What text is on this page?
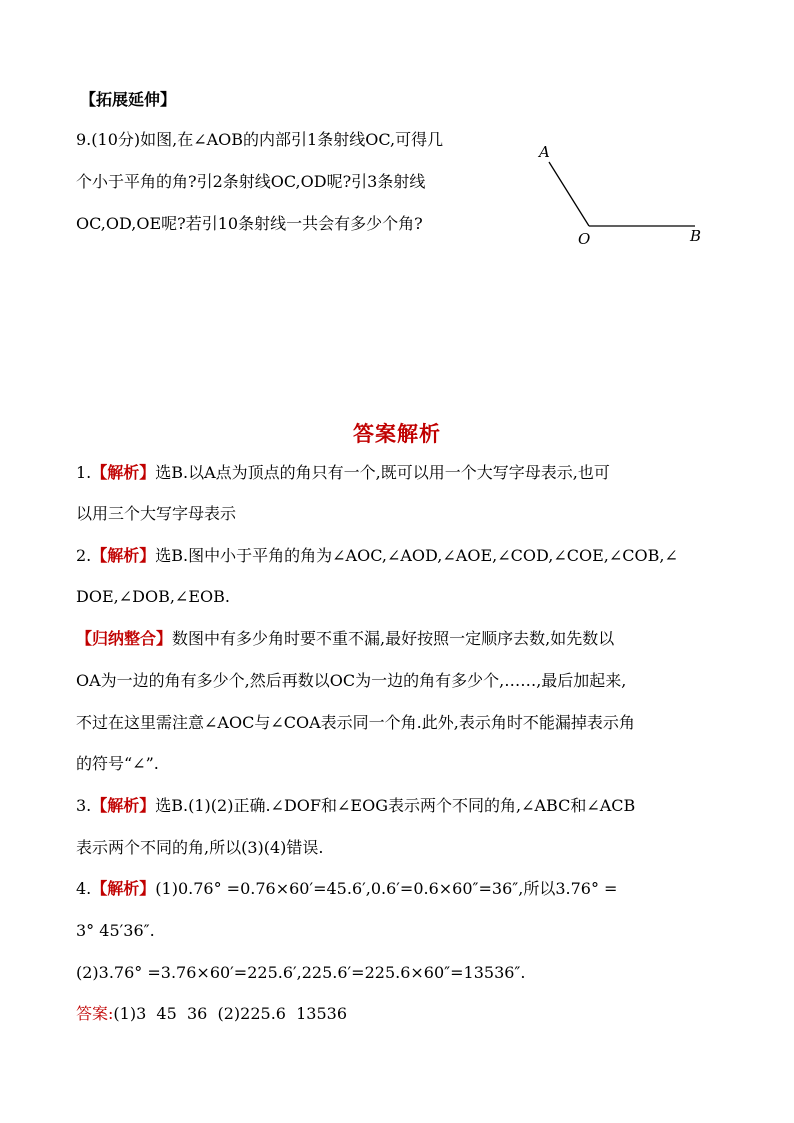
【拓展延伸】
9.(10分)如图,在∠AOB的内部引1条射线OC,可得几
个小于平角的角?引2条射线OC,OD呢?引3条射线
OC,OD,OE呢?若引10条射线一共会有多少个角?
A
O	B
答案解析
1.【解析】选B.以A点为顶点的角只有一个,既可以用一个大写字母表示,也可
以用三个大写字母表示
2.【解析】选B.图中小于平角的角为∠AOC,∠AOD,∠AOE,∠COD,∠COE,∠COB,∠
DOE,∠DOB,∠EOB.
【归纳整合】数图中有多少角时要不重不漏,最好按照一定顺序去数,如先数以
OA为一边的角有多少个,然后再数以OC为一边的角有多少个,……,最后加起来,
不过在这里需注意∠AOC与∠COA表示同一个角.此外,表示角时不能漏掉表示角
的符号“∠”.
3.【解析】选B.(1)(2)正确.∠DOF和∠EOG表示两个不同的角,∠ABC和∠ACB
表示两个不同的角,所以(3)(4)错误.
4.【解析】(1)0.76° =0.76×60′=45.6′,0.6′=0.6×60″=36″,所以3.76° =
3° 45′36″.
(2)3.76° =3.76×60′=225.6′,225.6′=225.6×60″=13536″.
答案:(1)3  45  36  (2)225.6  13536
